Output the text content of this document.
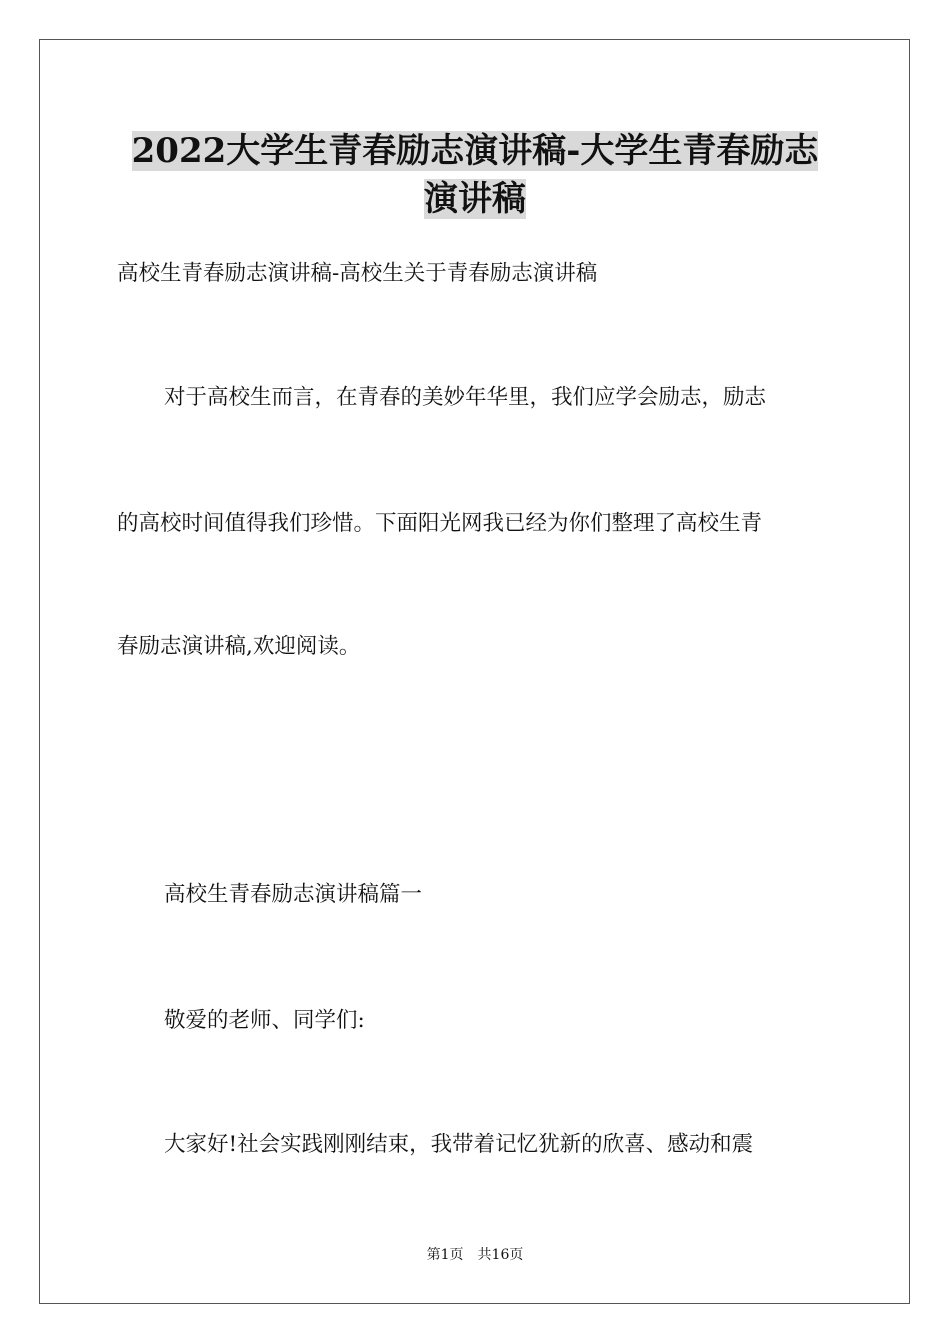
2022大学生青春励志演讲稿-大学生青春励志
演讲稿

高校生青春励志演讲稿-高校生关于青春励志演讲稿

对于高校生而言，在青春的美妙年华里，我们应学会励志，励志

的高校时间值得我们珍惜。下面阳光网我已经为你们整理了高校生青

春励志演讲稿,欢迎阅读。

高校生青春励志演讲稿篇一

敬爱的老师、同学们:

大家好!社会实践刚刚结束，我带着记忆犹新的欣喜、感动和震

第1页 共16页
